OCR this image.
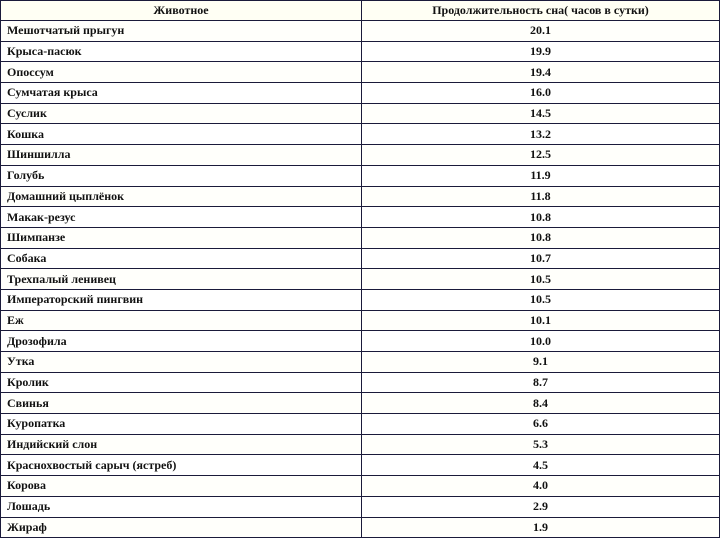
Животное	Продолжительность сна( часов в сутки)
Мешотчатый прыгун	20.1
Крыса-пасюк	19.9
Опоссум	19.4
Сумчатая крыса	16.0
Суслик	14.5
Кошка	13.2
Шиншилла	12.5
Голубь	11.9
Домашний цыплёнок	11.8
Макак-резус	10.8
Шимпанзе	10.8
Собака	10.7
Трехпалый ленивец	10.5
Императорский пингвин	10.5
Еж	10.1
Дрозофила	10.0
Утка	9.1
Кролик	8.7
Свинья	8.4
Куропатка	6.6
Индийский слон	5.3
Краснохвостый сарыч (ястреб)	4.5
Корова	4.0
Лошадь	2.9
Жираф	1.9
